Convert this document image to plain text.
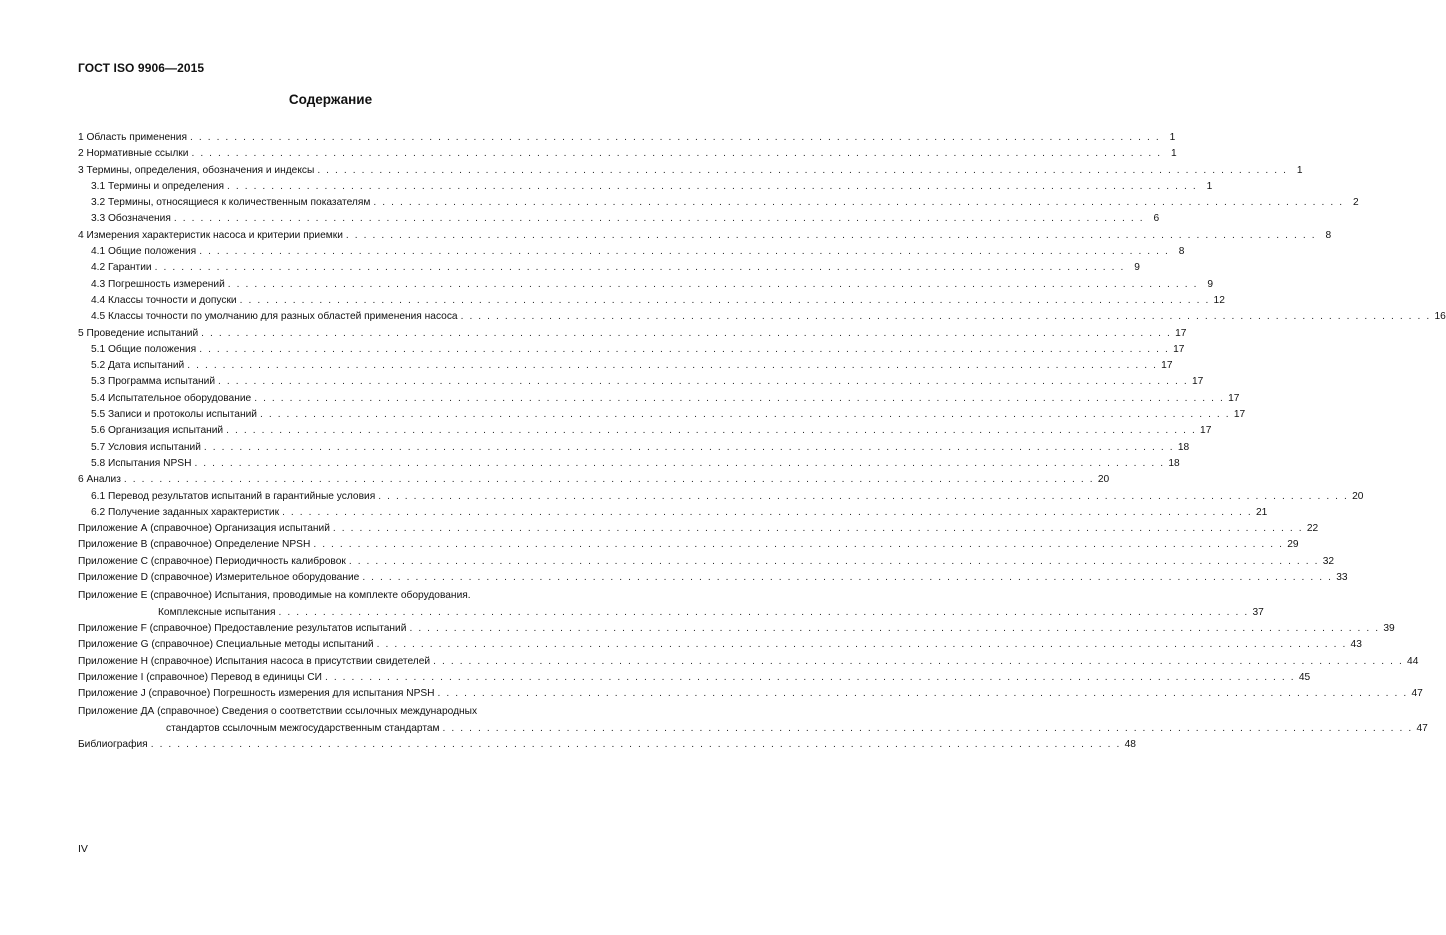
ГОСТ ISO 9906—2015
Содержание
1 Область применения . . . . . . . . . . . . . . . . . . . . . . . . . . . . . . . . . . . . . . . . . . . . . . . . . . . . . . . . . . . . . . . . . . . . . . . . . . . . . . . . . . . . . . . . . . . . . . . . . . . . . . . . . . . . . . 1
2 Нормативные ссылки . . . . . . . . . . . . . . . . . . . . . . . . . . . . . . . . . . . . . . . . . . . . . . . . . . . . . . . . . . . . . . . . . . . . . . . . . . . . . . . . . . . . . . . . . . . . . . . . . . . . . . . . . . . . . . 1
3 Термины, определения, обозначения и индексы . . . . . . . . . . . . . . . . . . . . . . . . . . . . . . . . . . . . . . . . . . . . . . . . . . . . . . . . . . . . . . . . . . . . . . . . . . . . . . . . . . . . . . . . . . . . . . . . . . . . . . . . . . . . . . 1
3.1 Термины и определения . . . . . . . . . . . . . . . . . . . . . . . . . . . . . . . . . . . . . . . . . . . . . . . . . . . . . . . . . . . . . . . . . . . . . . . . . . . . . . . . . . . . . . . . . . . . . . . . . . . . . . . . . . . . . . 1
3.2 Термины, относящиеся к количественным показателям . . . . . . . . . . . . . . . . . . . . . . . . . . . . . . . . . . . . . . . . . . . . . . . . . . . . . . . . . . . . . . . . . . . . . . . . . . . . . . . . . . . . . . . . . . . . . . . . . . . . . . . . . . . . . . 2
3.3 Обозначения . . . . . . . . . . . . . . . . . . . . . . . . . . . . . . . . . . . . . . . . . . . . . . . . . . . . . . . . . . . . . . . . . . . . . . . . . . . . . . . . . . . . . . . . . . . . . . . . . . . . . . . . . . . . . . 6
4 Измерения характеристик насоса и критерии приемки . . . . . . . . . . . . . . . . . . . . . . . . . . . . . . . . . . . . . . . . . . . . . . . . . . . . . . . . . . . . . . . . . . . . . . . . . . . . . . . . . . . . . . . . . . . . . . . . . . . . . . . . . . . . . . 8
4.1 Общие положения . . . . . . . . . . . . . . . . . . . . . . . . . . . . . . . . . . . . . . . . . . . . . . . . . . . . . . . . . . . . . . . . . . . . . . . . . . . . . . . . . . . . . . . . . . . . . . . . . . . . . . . . . . . . . . 8
4.2 Гарантии . . . . . . . . . . . . . . . . . . . . . . . . . . . . . . . . . . . . . . . . . . . . . . . . . . . . . . . . . . . . . . . . . . . . . . . . . . . . . . . . . . . . . . . . . . . . . . . . . . . . . . . . . . . . . . 9
4.3 Погрешность измерений . . . . . . . . . . . . . . . . . . . . . . . . . . . . . . . . . . . . . . . . . . . . . . . . . . . . . . . . . . . . . . . . . . . . . . . . . . . . . . . . . . . . . . . . . . . . . . . . . . . . . . . . . . . . . . 9
4.4 Классы точности и допуски . . . . . . . . . . . . . . . . . . . . . . . . . . . . . . . . . . . . . . . . . . . . . . . . . . . . . . . . . . . . . . . . . . . . . . . . . . . . . . . . . . . . . . . . . . . . . . . . . . . . . . . . . . . . . . 12
4.5 Классы точности по умолчанию для разных областей применения насоса . . . . . . . . . . . . . . . . . . . . . . . . . . . . . . . . . . . . . . . . . . . . . . . . . . . . . . . . . . . . . . . . . . . . . . . . . . . . . . . . . . . . . . . . . . . . . . . . . . . . . . . . . . . . . . 16
5 Проведение испытаний . . . . . . . . . . . . . . . . . . . . . . . . . . . . . . . . . . . . . . . . . . . . . . . . . . . . . . . . . . . . . . . . . . . . . . . . . . . . . . . . . . . . . . . . . . . . . . . . . . . . . . . . . . . . . . 17
5.1 Общие положения . . . . . . . . . . . . . . . . . . . . . . . . . . . . . . . . . . . . . . . . . . . . . . . . . . . . . . . . . . . . . . . . . . . . . . . . . . . . . . . . . . . . . . . . . . . . . . . . . . . . . . . . . . . . . . 17
5.2 Дата испытаний . . . . . . . . . . . . . . . . . . . . . . . . . . . . . . . . . . . . . . . . . . . . . . . . . . . . . . . . . . . . . . . . . . . . . . . . . . . . . . . . . . . . . . . . . . . . . . . . . . . . . . . . . . . . . . 17
5.3 Программа испытаний . . . . . . . . . . . . . . . . . . . . . . . . . . . . . . . . . . . . . . . . . . . . . . . . . . . . . . . . . . . . . . . . . . . . . . . . . . . . . . . . . . . . . . . . . . . . . . . . . . . . . . . . . . . . . . 17
5.4 Испытательное оборудование . . . . . . . . . . . . . . . . . . . . . . . . . . . . . . . . . . . . . . . . . . . . . . . . . . . . . . . . . . . . . . . . . . . . . . . . . . . . . . . . . . . . . . . . . . . . . . . . . . . . . . . . . . . . . . 17
5.5 Записи и протоколы испытаний . . . . . . . . . . . . . . . . . . . . . . . . . . . . . . . . . . . . . . . . . . . . . . . . . . . . . . . . . . . . . . . . . . . . . . . . . . . . . . . . . . . . . . . . . . . . . . . . . . . . . . . . . . . . . . 17
5.6 Организация испытаний . . . . . . . . . . . . . . . . . . . . . . . . . . . . . . . . . . . . . . . . . . . . . . . . . . . . . . . . . . . . . . . . . . . . . . . . . . . . . . . . . . . . . . . . . . . . . . . . . . . . . . . . . . . . . . 17
5.7 Условия испытаний . . . . . . . . . . . . . . . . . . . . . . . . . . . . . . . . . . . . . . . . . . . . . . . . . . . . . . . . . . . . . . . . . . . . . . . . . . . . . . . . . . . . . . . . . . . . . . . . . . . . . . . . . . . . . . 18
5.8 Испытания NPSH . . . . . . . . . . . . . . . . . . . . . . . . . . . . . . . . . . . . . . . . . . . . . . . . . . . . . . . . . . . . . . . . . . . . . . . . . . . . . . . . . . . . . . . . . . . . . . . . . . . . . . . . . . . . . . 18
6 Анализ . . . . . . . . . . . . . . . . . . . . . . . . . . . . . . . . . . . . . . . . . . . . . . . . . . . . . . . . . . . . . . . . . . . . . . . . . . . . . . . . . . . . . . . . . . . . . . . . . . . . . . . . . . . . . . 20
6.1 Перевод результатов испытаний в гарантийные условия . . . . . . . . . . . . . . . . . . . . . . . . . . . . . . . . . . . . . . . . . . . . . . . . . . . . . . . . . . . . . . . . . . . . . . . . . . . . . . . . . . . . . . . . . . . . . . . . . . . . . . . . . . . . . . 20
6.2 Получение заданных характеристик . . . . . . . . . . . . . . . . . . . . . . . . . . . . . . . . . . . . . . . . . . . . . . . . . . . . . . . . . . . . . . . . . . . . . . . . . . . . . . . . . . . . . . . . . . . . . . . . . . . . . . . . . . . . . . 21
Приложение А (справочное) Организация испытаний . . . . . . . . . . . . . . . . . . . . . . . . . . . . . . . . . . . . . . . . . . . . . . . . . . . . . . . . . . . . . . . . . . . . . . . . . . . . . . . . . . . . . . . . . . . . . . . . . . . . . . . . . . . . . . 22
Приложение В (справочное) Определение NPSH . . . . . . . . . . . . . . . . . . . . . . . . . . . . . . . . . . . . . . . . . . . . . . . . . . . . . . . . . . . . . . . . . . . . . . . . . . . . . . . . . . . . . . . . . . . . . . . . . . . . . . . . . . . . . . 29
Приложение С (справочное) Периодичность калибровок . . . . . . . . . . . . . . . . . . . . . . . . . . . . . . . . . . . . . . . . . . . . . . . . . . . . . . . . . . . . . . . . . . . . . . . . . . . . . . . . . . . . . . . . . . . . . . . . . . . . . . . . . . . . . . 32
Приложение D (справочное) Измерительное оборудование . . . . . . . . . . . . . . . . . . . . . . . . . . . . . . . . . . . . . . . . . . . . . . . . . . . . . . . . . . . . . . . . . . . . . . . . . . . . . . . . . . . . . . . . . . . . . . . . . . . . . . . . . . . . . . 33
Приложение Е (справочное) Испытания, проводимые на комплекте оборудования.
Комплексные испытания . . . . . . . . . . . . . . . . . . . . . . . . . . . . . . . . . . . . . . . . . . . . . . . . . . . . . . . . . . . . . . . . . . . . . . . . . . . . . . . . . . . . . . . . . . . . . . . . . . . . . . . . . . . . . . 37
Приложение F (справочное) Предоставление результатов испытаний . . . . . . . . . . . . . . . . . . . . . . . . . . . . . . . . . . . . . . . . . . . . . . . . . . . . . . . . . . . . . . . . . . . . . . . . . . . . . . . . . . . . . . . . . . . . . . . . . . . . . . . . . . . . . . 39
Приложение G (справочное) Специальные методы испытаний . . . . . . . . . . . . . . . . . . . . . . . . . . . . . . . . . . . . . . . . . . . . . . . . . . . . . . . . . . . . . . . . . . . . . . . . . . . . . . . . . . . . . . . . . . . . . . . . . . . . . . . . . . . . . . 43
Приложение Н (справочное) Испытания насоса в присутствии свидетелей . . . . . . . . . . . . . . . . . . . . . . . . . . . . . . . . . . . . . . . . . . . . . . . . . . . . . . . . . . . . . . . . . . . . . . . . . . . . . . . . . . . . . . . . . . . . . . . . . . . . . . . . . . . . . . 44
Приложение I (справочное) Перевод в единицы СИ . . . . . . . . . . . . . . . . . . . . . . . . . . . . . . . . . . . . . . . . . . . . . . . . . . . . . . . . . . . . . . . . . . . . . . . . . . . . . . . . . . . . . . . . . . . . . . . . . . . . . . . . . . . . . . 45
Приложение J (справочное) Погрешность измерения для испытания NPSH . . . . . . . . . . . . . . . . . . . . . . . . . . . . . . . . . . . . . . . . . . . . . . . . . . . . . . . . . . . . . . . . . . . . . . . . . . . . . . . . . . . . . . . . . . . . . . . . . . . . . . . . . . . . . . 47
Приложение ДА (справочное) Сведения о соответствии ссылочных международных
стандартов ссылочным межгосударственным стандартам . . . . . . . . . . . . . . . . . . . . . . . . . . . . . . . . . . . . . . . . . . . . . . . . . . . . . . . . . . . . . . . . . . . . . . . . . . . . . . . . . . . . . . . . . . . . . . . . . . . . . . . . . . . . . . 47
Библиография . . . . . . . . . . . . . . . . . . . . . . . . . . . . . . . . . . . . . . . . . . . . . . . . . . . . . . . . . . . . . . . . . . . . . . . . . . . . . . . . . . . . . . . . . . . . . . . . . . . . . . . . . . . . . . 48
IV
